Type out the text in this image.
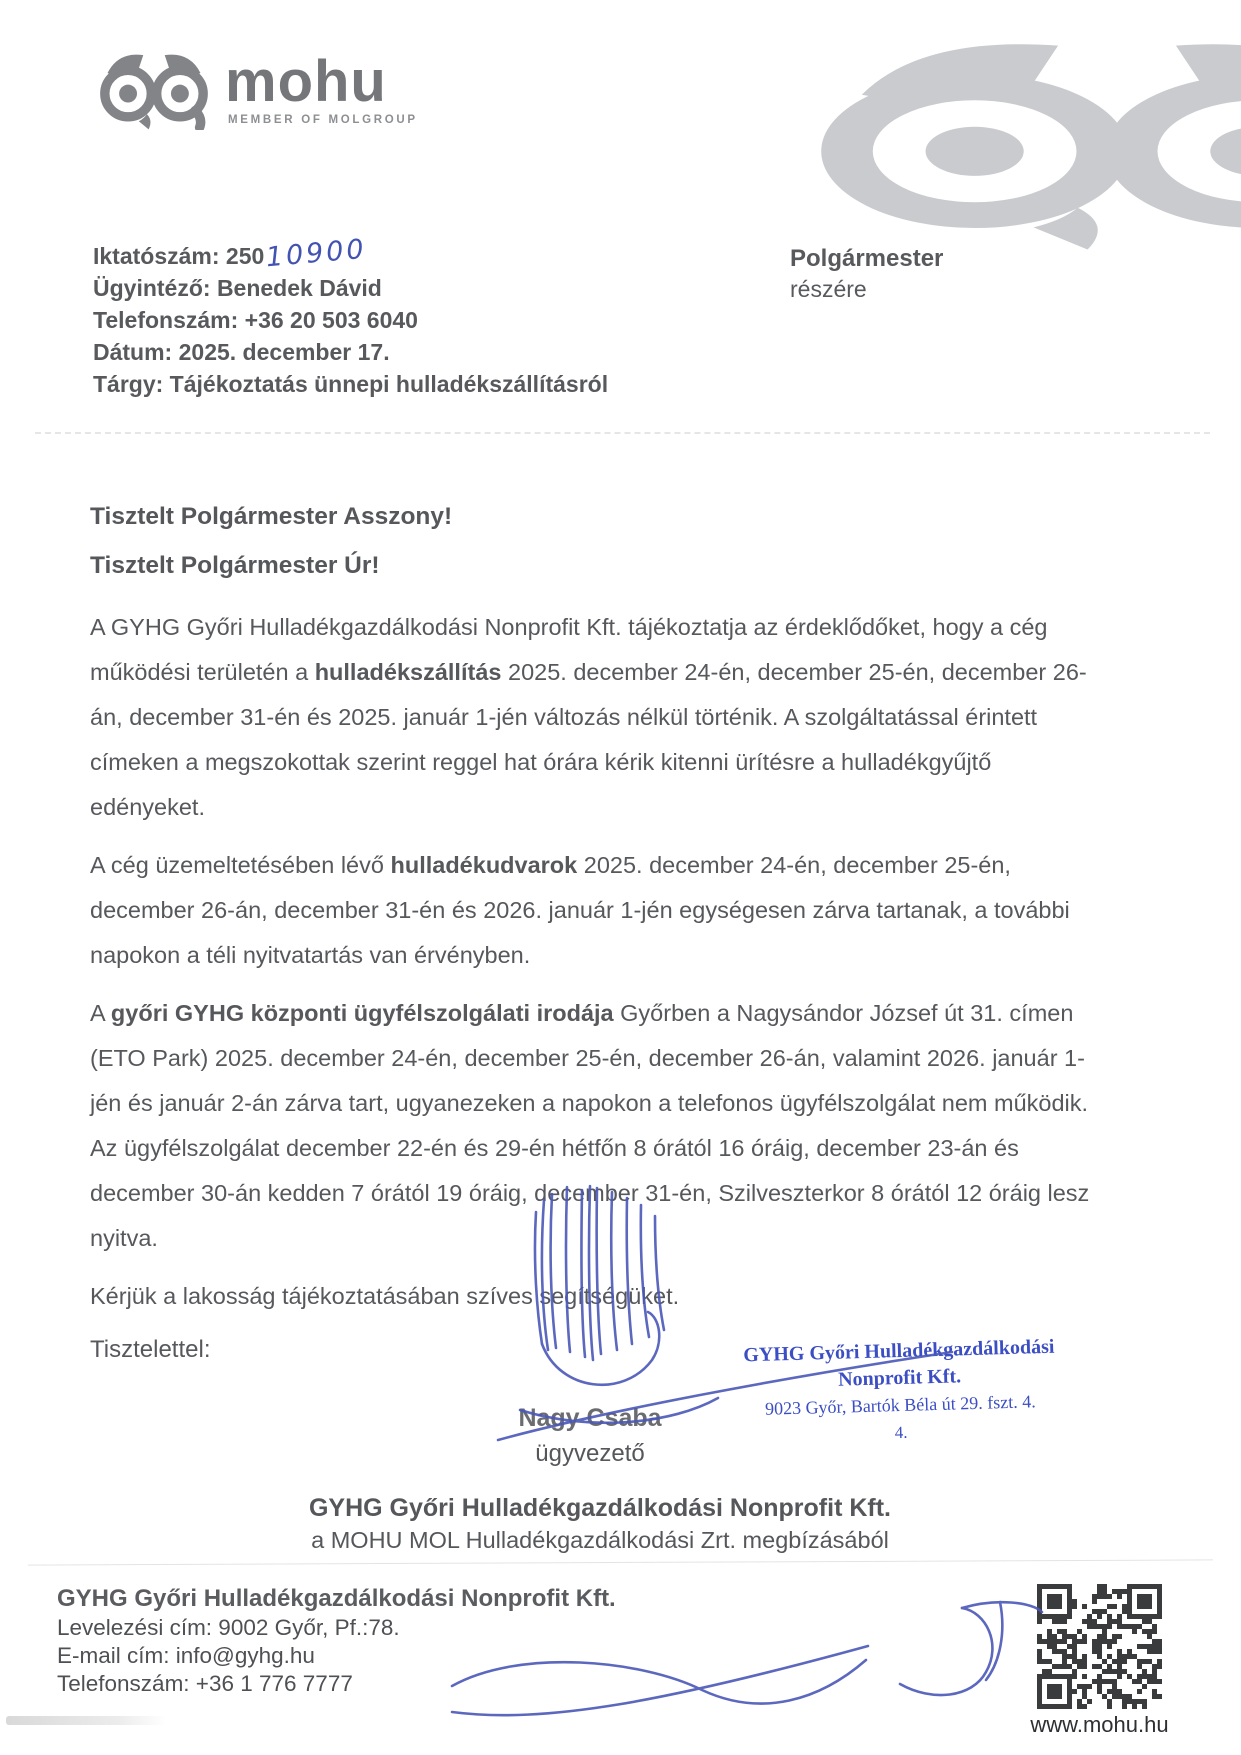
mohu
MEMBER OF MOLGROUP
Iktatószám: 25010900
Ügyintéző: Benedek Dávid
Telefonszám: +36 20 503 6040
Dátum: 2025. december 17.
Tárgy: Tájékoztatás ünnepi hulladékszállításról
Polgármester
részére
Tisztelt Polgármester Asszony!
Tisztelt Polgármester Úr!

A GYHG Győri Hulladékgazdálkodási Nonprofit Kft. tájékoztatja az érdeklődőket, hogy a cég működési területén a hulladékszállítás 2025. december 24-én, december 25-én, december 26-án, december 31-én és 2025. január 1-jén változás nélkül történik. A szolgáltatással érintett címeken a megszokottak szerint reggel hat órára kérik kitenni ürítésre a hulladékgyűjtő edényeket.

A cég üzemeltetésében lévő hulladékudvarok 2025. december 24-én, december 25-én, december 26-án, december 31-én és 2026. január 1-jén egységesen zárva tartanak, a további napokon a téli nyitvatartás van érvényben.

A győri GYHG központi ügyfélszolgálati irodája Győrben a Nagysándor József út 31. címen (ETO Park) 2025. december 24-én, december 25-én, december 26-án, valamint 2026. január 1-jén és január 2-án zárva tart, ugyanezeken a napokon a telefonos ügyfélszolgálat nem működik. Az ügyfélszolgálat december 22-én és 29-én hétfőn 8 órától 16 óráig, december 23-án és december 30-án kedden 7 órától 19 óráig, december 31-én, Szilveszterkor 8 órától 12 óráig lesz nyitva.

Kérjük a lakosság tájékoztatásában szíves segítségüket.

Tisztelettel:
Nagy Csaba
ügyvezető
GYHG Győri Hulladékgazdálkodási
Nonprofit Kft.
9023 Győr, Bartók Béla út 29. fszt. 4.
4.
GYHG Győri Hulladékgazdálkodási Nonprofit Kft.
a MOHU MOL Hulladékgazdálkodási Zrt. megbízásából
GYHG Győri Hulladékgazdálkodási Nonprofit Kft.
Levelezési cím: 9002 Győr, Pf.:78.
E-mail cím: info@gyhg.hu
Telefonszám: +36 1 776 7777
www.mohu.hu
